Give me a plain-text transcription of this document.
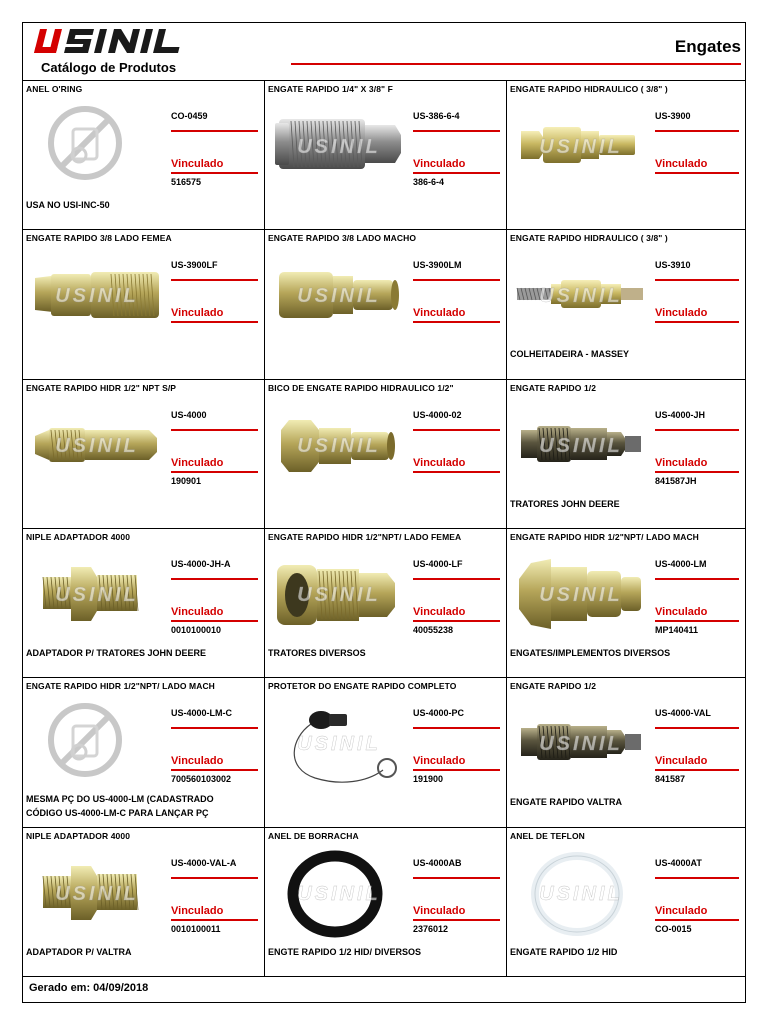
Catálogo de Produtos
Engates
ANEL O'RING
CO-0459
Vinculado
516575
USA NO USI-INC-50
ENGATE RAPIDO 1/4" X 3/8" F
USINIL
US-386-6-4
Vinculado
386-6-4
ENGATE RAPIDO HIDRAULICO ( 3/8" )
USINIL
US-3900
Vinculado
ENGATE RAPIDO 3/8 LADO FEMEA
USINIL
US-3900LF
Vinculado
ENGATE RAPIDO 3/8 LADO MACHO
USINIL
US-3900LM
Vinculado
ENGATE RAPIDO HIDRAULICO ( 3/8" )
USINIL
US-3910
Vinculado
COLHEITADEIRA - MASSEY
ENGATE RAPIDO HIDR 1/2" NPT S/P
USINIL
US-4000
Vinculado
190901
BICO DE ENGATE RAPIDO HIDRAULICO 1/2"
USINIL
US-4000-02
Vinculado
ENGATE RAPIDO 1/2
USINIL
US-4000-JH
Vinculado
841587JH
TRATORES JOHN DEERE
NIPLE ADAPTADOR 4000
USINIL
US-4000-JH-A
Vinculado
0010100010
ADAPTADOR P/ TRATORES JOHN DEERE
ENGATE RAPIDO HIDR 1/2"NPT/ LADO FEMEA
USINIL
US-4000-LF
Vinculado
40055238
TRATORES DIVERSOS
ENGATE RAPIDO HIDR 1/2"NPT/ LADO MACH
USINIL
US-4000-LM
Vinculado
MP140411
ENGATES/IMPLEMENTOS DIVERSOS
ENGATE RAPIDO HIDR 1/2"NPT/ LADO MACH
US-4000-LM-C
Vinculado
700560103002
MESMA PÇ DO US-4000-LM (CADASTRADO
CÓDIGO US-4000-LM-C PARA LANÇAR PÇ
PROTETOR DO ENGATE RAPIDO COMPLETO
USINIL
US-4000-PC
Vinculado
191900
ENGATE RAPIDO 1/2
USINIL
US-4000-VAL
Vinculado
841587
ENGATE RAPIDO VALTRA
NIPLE ADAPTADOR 4000
USINIL
US-4000-VAL-A
Vinculado
0010100011
ADAPTADOR P/ VALTRA
ANEL DE BORRACHA
USINIL
US-4000AB
Vinculado
2376012
ENGTE RAPIDO 1/2 HID/ DIVERSOS
ANEL DE TEFLON
USINIL
US-4000AT
Vinculado
CO-0015
ENGATE RAPIDO 1/2 HID
Gerado em: 04/09/2018
